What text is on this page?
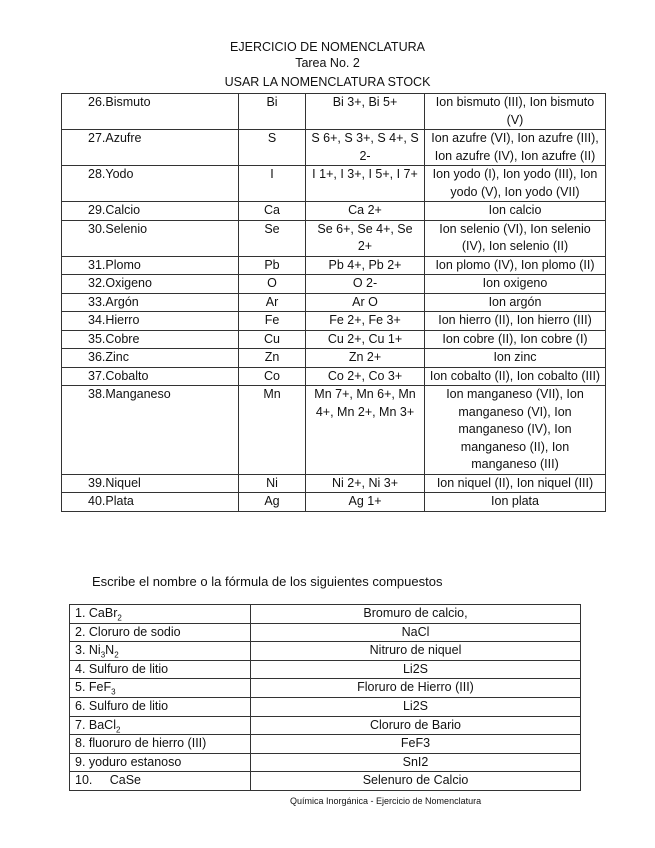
EJERCICIO DE NOMENCLATURA
Tarea No. 2
USAR LA NOMENCLATURA STOCK
26.Bismuto	Bi	Bi 3+, Bi 5+	Ion bismuto (III), Ion bismuto (V)
27.Azufre	S	S 6+, S 3+, S 4+, S 2-	Ion azufre (VI), Ion azufre (III), Ion azufre (IV), Ion azufre (II)
28.Yodo	I	I 1+, I 3+, I 5+, I 7+	Ion yodo (I), Ion yodo (III), Ion yodo (V), Ion yodo (VII)
29.Calcio	Ca	Ca 2+	Ion calcio
30.Selenio	Se	Se 6+, Se 4+, Se 2+	Ion selenio (VI), Ion selenio (IV), Ion selenio (II)
31.Plomo	Pb	Pb 4+, Pb 2+	Ion plomo (IV), Ion plomo (II)
32.Oxigeno	O	O 2-	Ion oxigeno
33.Argón	Ar	Ar O	Ion argón
34.Hierro	Fe	Fe 2+, Fe 3+	Ion hierro (II), Ion hierro (III)
35.Cobre	Cu	Cu 2+, Cu 1+	Ion cobre (II), Ion cobre (I)
36.Zinc	Zn	Zn 2+	Ion zinc
37.Cobalto	Co	Co 2+, Co 3+	Ion cobalto (II), Ion cobalto (III)
38.Manganeso	Mn	Mn 7+, Mn 6+, Mn 4+, Mn 2+, Mn 3+	Ion manganeso (VII), Ion manganeso (VI), Ion manganeso (IV), Ion manganeso (II), Ion manganeso (III)
39.Niquel	Ni	Ni 2+, Ni 3+	Ion niquel (II), Ion niquel (III)
40.Plata	Ag	Ag 1+	Ion plata
Escribe el nombre o la fórmula de los siguientes compuestos
1. CaBr$_2$	Bromuro de calcio,
2. Cloruro de sodio	NaCl
3. $Ni_3N_2$	Nitruro de niquel
4. Sulfuro de litio	Li2S
5. FeF$_3$	Floruro de Hierro (III)
6. Sulfuro de litio	Li2S
7. BaCl$_2$	Cloruro de Bario
8. fluoruro de hierro (III)	FeF3
9. yoduro estanoso	SnI2
10.     CaSe	Selenuro de Calcio
Química Inorgánica - Ejercicio de Nomenclatura
